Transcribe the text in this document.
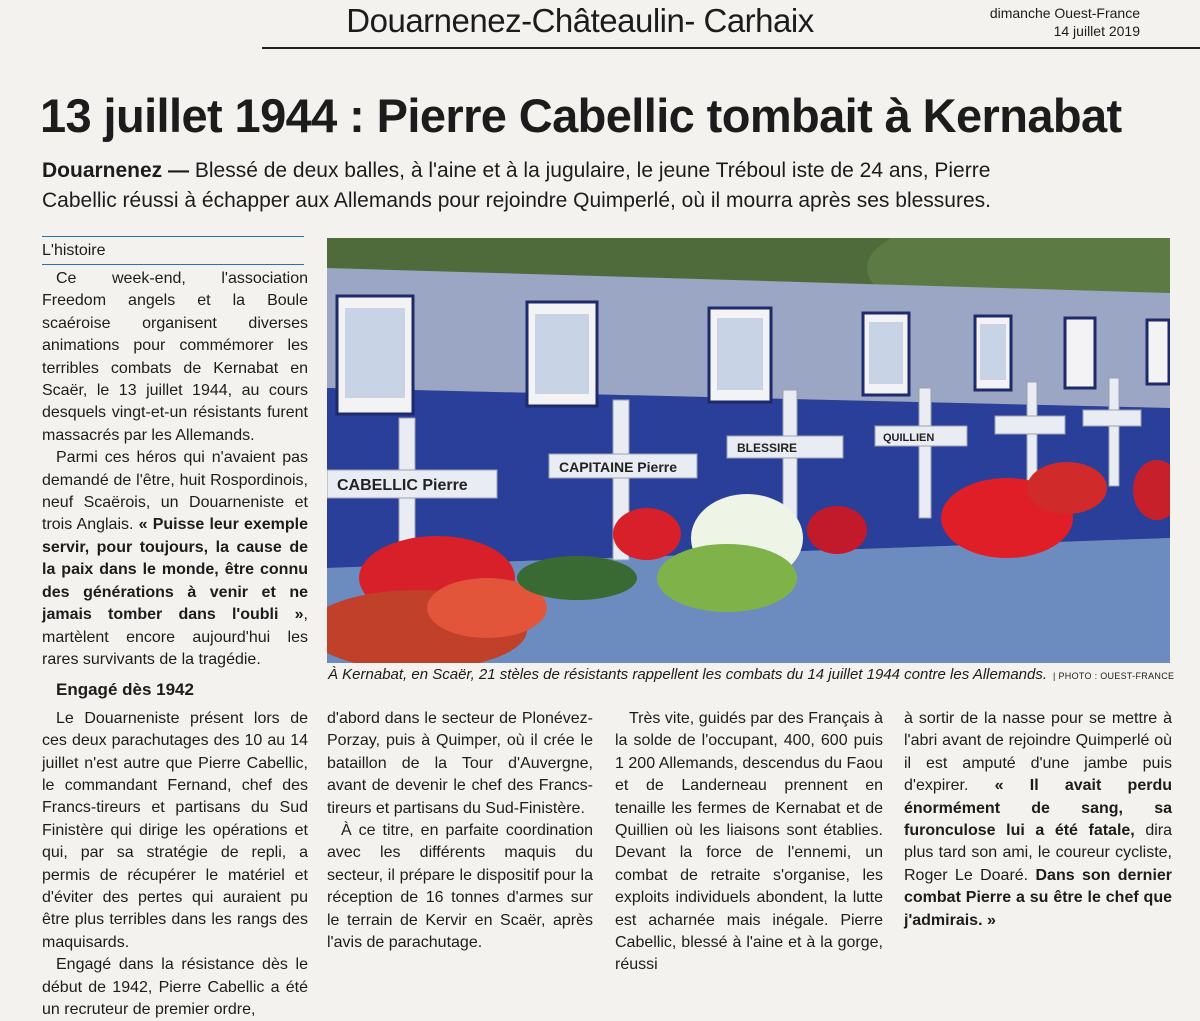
Douarnenez-Châteaulin- Carhaix	dimanche Ouest-France
14 juillet 2019
13 juillet 1944 : Pierre Cabellic tombait à Kernabat
Douarnenez — Blessé de deux balles, à l'aine et à la jugulaire, le jeune Tréboul iste de 24 ans, Pierre Cabellic réussi à échapper aux Allemands pour rejoindre Quimperlé, où il mourra après ses blessures.
L'histoire

Ce week-end, l'association Freedom angels et la Boule scaéroise organisent diverses animations pour commémorer les terribles combats de Kernabat en Scaër, le 13 juillet 1944, au cours desquels vingt-et-un résistants furent massacrés par les Allemands.

Parmi ces héros qui n'avaient pas demandé de l'être, huit Rospordinois, neuf Scaërois, un Douarneniste et trois Anglais. « Puisse leur exemple servir, pour toujours, la cause de la paix dans le monde, être connu des générations à venir et ne jamais tomber dans l'oubli », martèlent encore aujourd'hui les rares survivants de la tragédie.

Engagé dès 1942

Le Douarneniste présent lors de ces deux parachutages des 10 au 14 juillet n'est autre que Pierre Cabellic, le commandant Fernand, chef des Francs-tireurs et partisans du Sud Finistère qui dirige les opérations et qui, par sa stratégie de repli, a permis de récupérer le matériel et d'éviter des pertes qui auraient pu être plus terribles dans les rangs des maquisards.

Engagé dans la résistance dès le début de 1942, Pierre Cabellic a été un recruteur de premier ordre,

CABELLIC Pierre
CAPITAINE Pierre
BLESSIRE
QUILLIEN
À Kernabat, en Scaër, 21 stèles de résistants rappellent les combats du 14 juillet 1944 contre les Allemands. | PHOTO : OUEST-FRANCE

d'abord dans le secteur de Plonévez-Porzay, puis à Quimper, où il crée le bataillon de la Tour d'Auvergne, avant de devenir le chef des Francs-tireurs et partisans du Sud-Finistère.

À ce titre, en parfaite coordination avec les différents maquis du secteur, il prépare le dispositif pour la réception de 16 tonnes d'armes sur le terrain de Kervir en Scaër, après l'avis de parachutage.

Très vite, guidés par des Français à la solde de l'occupant, 400, 600 puis 1 200 Allemands, descendus du Faou et de Landerneau prennent en tenaille les fermes de Kernabat et de Quillien où les liaisons sont établies. Devant la force de l'ennemi, un combat de retraite s'organise, les exploits individuels abondent, la lutte est acharnée mais inégale. Pierre Cabellic, blessé à l'aine et à la gorge, réussi

à sortir de la nasse pour se mettre à l'abri avant de rejoindre Quimperlé où il est amputé d'une jambe puis d'expirer. « Il avait perdu énormément de sang, sa furonculose lui a été fatale, dira plus tard son ami, le coureur cycliste, Roger Le Doaré. Dans son dernier combat Pierre a su être le chef que j'admirais. »
